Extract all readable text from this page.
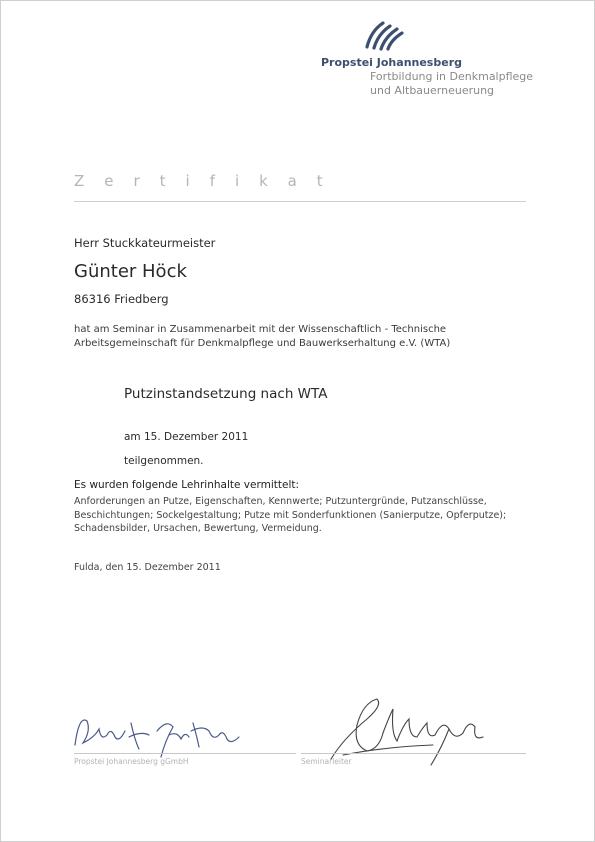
Propstei Johannesberg
Fortbildung in Denkmalpflege
und Altbauerneuerung
Zertifikat
Herr Stuckkateurmeister
Günter Höck
86316 Friedberg
hat am Seminar in Zusammenarbeit mit der Wissenschaftlich - Technische
Arbeitsgemeinschaft für Denkmalpflege und Bauwerkserhaltung e.V. (WTA)
Putzinstandsetzung nach WTA
am 15. Dezember 2011
teilgenommen.
Es wurden folgende Lehrinhalte vermittelt:
Anforderungen an Putze, Eigenschaften, Kennwerte; Putzuntergründe, Putzanschlüsse,
Beschichtungen; Sockelgestaltung; Putze mit Sonderfunktionen (Sanierputze, Opferputze);
Schadensbilder, Ursachen, Bewertung, Vermeidung.
Fulda, den 15. Dezember 2011
Propstei Johannesberg gGmbH	Seminarleiter
